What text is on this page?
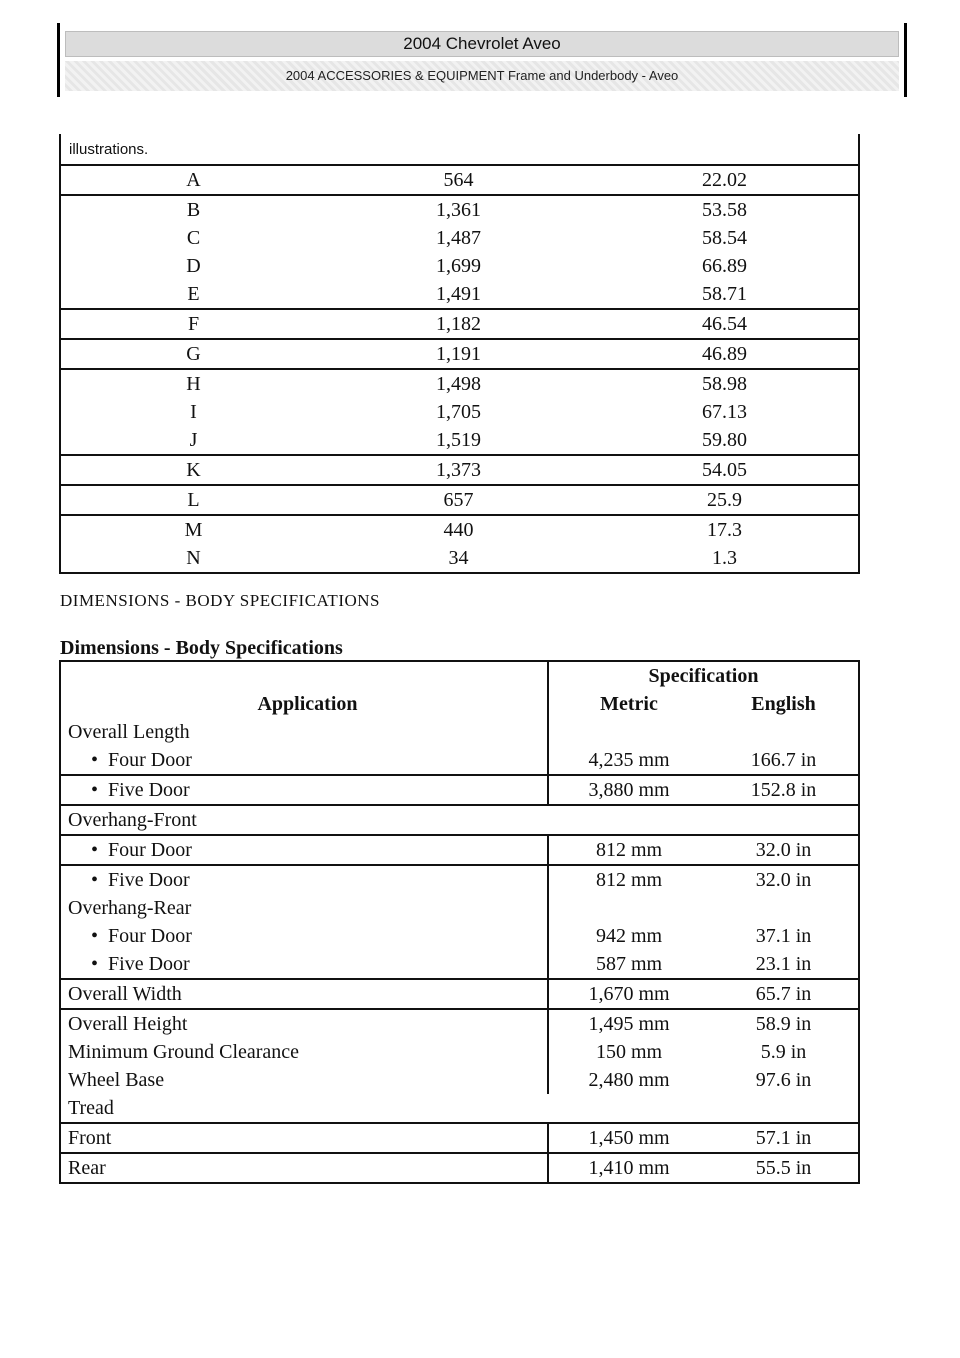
2004 Chevrolet Aveo
2004 ACCESSORIES & EQUIPMENT Frame and Underbody - Aveo
illustrations.		
A	564	22.02
B	1,361	53.58
C	1,487	58.54
D	1,699	66.89
E	1,491	58.71
F	1,182	46.54
G	1,191	46.89
H	1,498	58.98
I	1,705	67.13
J	1,519	59.80
K	1,373	54.05
L	657	25.9
M	440	17.3
N	34	1.3
DIMENSIONS - BODY SPECIFICATIONS
Dimensions - Body Specifications
	Specification	
Application	Metric	English
Overall Length		
• Four Door	4,235 mm	166.7 in
• Five Door	3,880 mm	152.8 in
Overhang-Front		
• Four Door	812 mm	32.0 in
• Five Door	812 mm	32.0 in
Overhang-Rear		
• Four Door	942 mm	37.1 in
• Five Door	587 mm	23.1 in
Overall Width	1,670 mm	65.7 in
Overall Height	1,495 mm	58.9 in
Minimum Ground Clearance	150 mm	5.9 in
Wheel Base	2,480 mm	97.6 in
Tread		
Front	1,450 mm	57.1 in
Rear	1,410 mm	55.5 in
